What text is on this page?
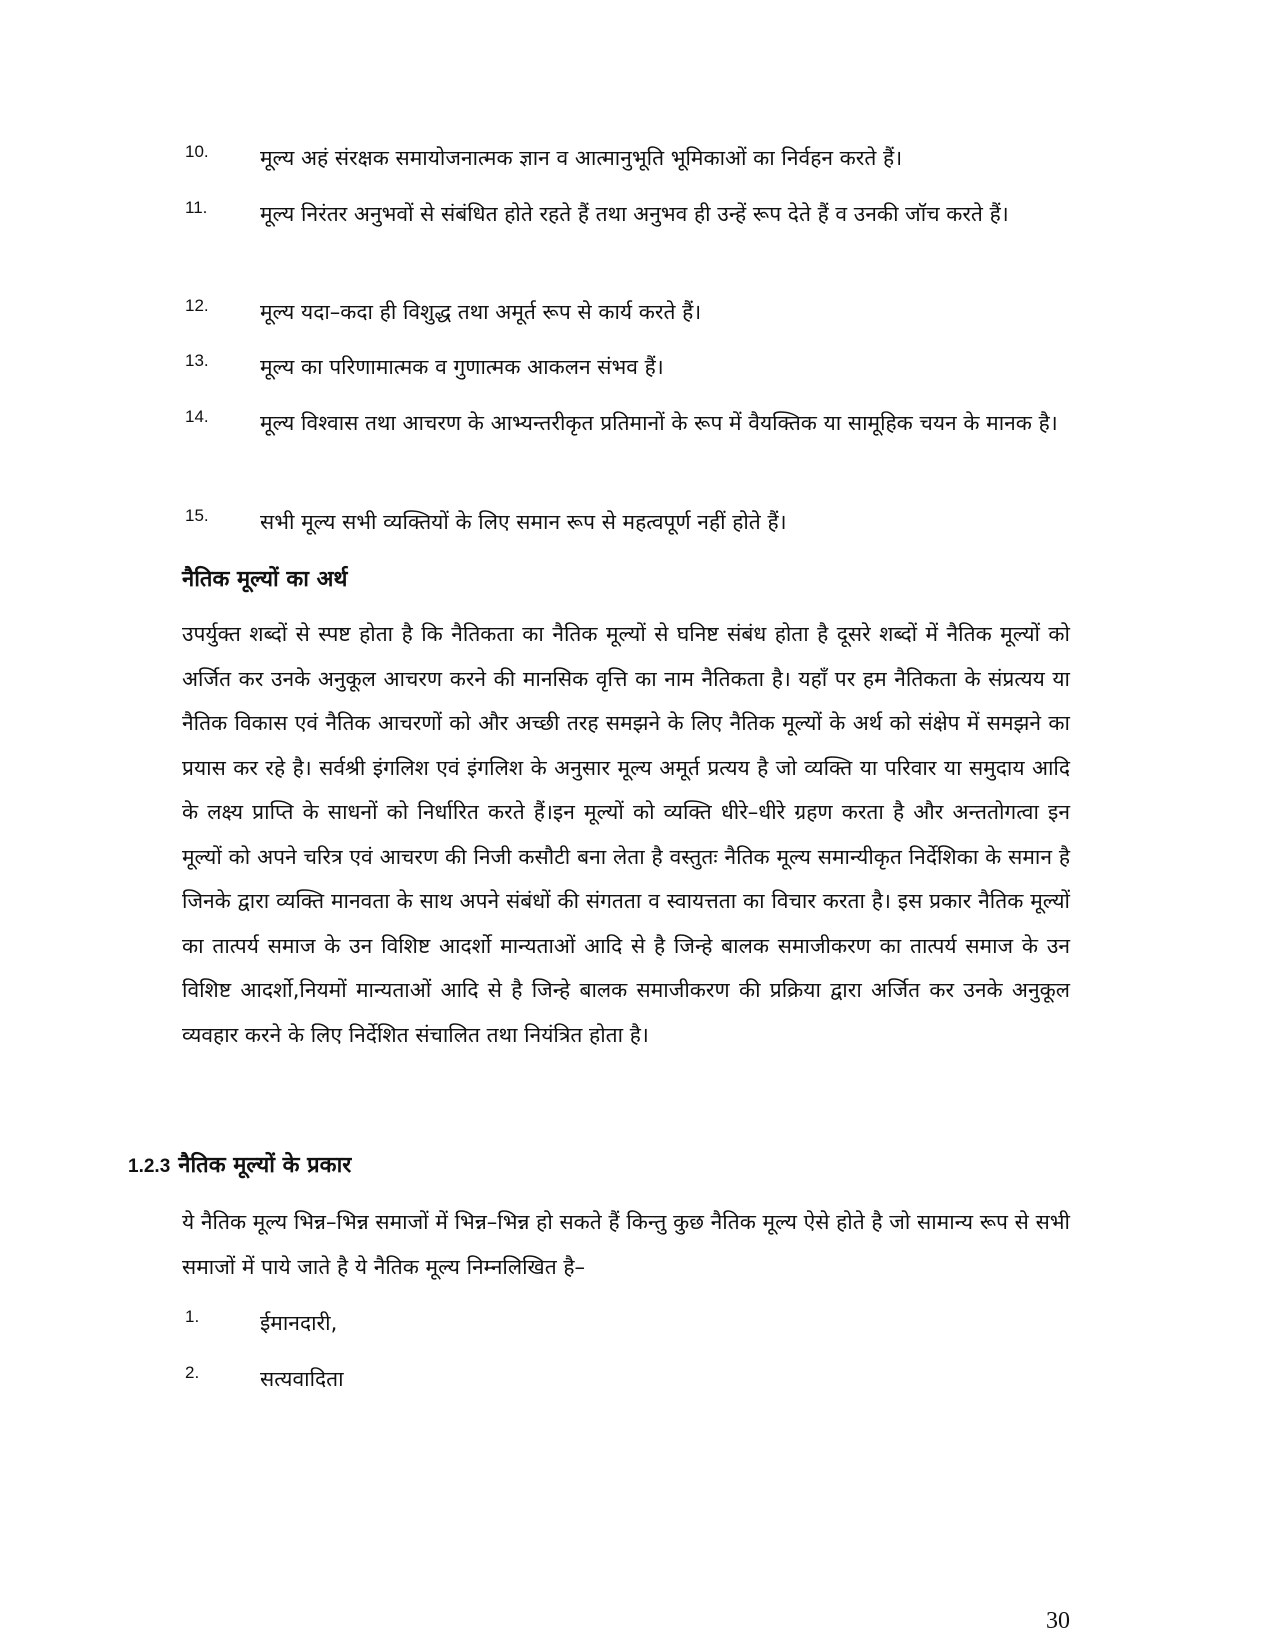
10. मूल्य अहं संरक्षक समायोजनात्मक ज्ञान व आत्मानुभूति भूमिकाओं का निर्वहन करते हैं।
11.	मूल्य निरंतर अनुभवों से संबंधित होते रहते हैं तथा अनुभव ही उन्हें रूप देते हैं व उनकी जॉच करते हैं।
12. मूल्य यदा–कदा ही विशुद्ध तथा अमूर्त रूप से कार्य करते हैं।
13. मूल्य का परिणामात्मक व गुणात्मक आकलन संभव हैं।
14. मूल्य विश्वास तथा आचरण के आभ्यन्तरीकृत प्रतिमानों के रूप में वैयक्तिक या सामूहिक चयन के मानक है।
15. सभी मूल्य सभी व्यक्तियों के लिए समान रूप से महत्वपूर्ण नहीं होते हैं।
नैतिक मूल्यों का अर्थ
उपर्युक्त शब्दों से स्पष्ट होता है कि नैतिकता का नैतिक मूल्यों से घनिष्ट संबंध होता है दूसरे शब्दों में नैतिक मूल्यों को अर्जित कर उनके अनुकूल आचरण करने की मानसिक वृत्ति का नाम नैतिकता है। यहाँ पर हम नैतिकता के संप्रत्यय या नैतिक विकास एवं नैतिक आचरणों को और अच्छी तरह समझने के लिए नैतिक मूल्यों के अर्थ को संक्षेप में समझने का प्रयास कर रहे है। सर्वश्री इंगलिश एवं इंगलिश के अनुसार मूल्य अमूर्त प्रत्यय है जो व्यक्ति या परिवार या समुदाय आदि के लक्ष्य प्राप्ति के साधनों को निर्धारित करते हैं।इन मूल्यों को व्यक्ति धीरे–धीरे ग्रहण करता है और अन्ततोगत्वा इन मूल्यों को अपने चरित्र एवं आचरण की निजी कसौटी बना लेता है वस्तुतः नैतिक मूल्य समान्यीकृत निर्देशिका के समान है जिनके द्वारा व्यक्ति मानवता के साथ अपने संबंधों की संगतता व स्वायत्तता का विचार करता है। इस प्रकार नैतिक मूल्यों का तात्पर्य समाज के उन विशिष्ट आदर्शो मान्यताओं आदि से है जिन्हे बालक समाजीकरण का तात्पर्य समाज के उन विशिष्ट आदर्शो,नियमों मान्यताओं आदि से है जिन्हे बालक समाजीकरण की प्रक्रिया द्वारा अर्जित कर उनके अनुकूल व्यवहार करने के लिए निर्देशित संचालित तथा नियंत्रित होता है।
1.2.3 नैतिक मूल्यों के प्रकार
ये नैतिक मूल्य भिन्न–भिन्न समाजों में भिन्न–भिन्न हो सकते हैं किन्तु कुछ नैतिक मूल्य ऐसे होते है जो सामान्य रूप से सभी समाजों में पाये जाते है ये नैतिक मूल्य निम्नलिखित है–
1.	ईमानदारी,
2.	सत्यवादिता
30
